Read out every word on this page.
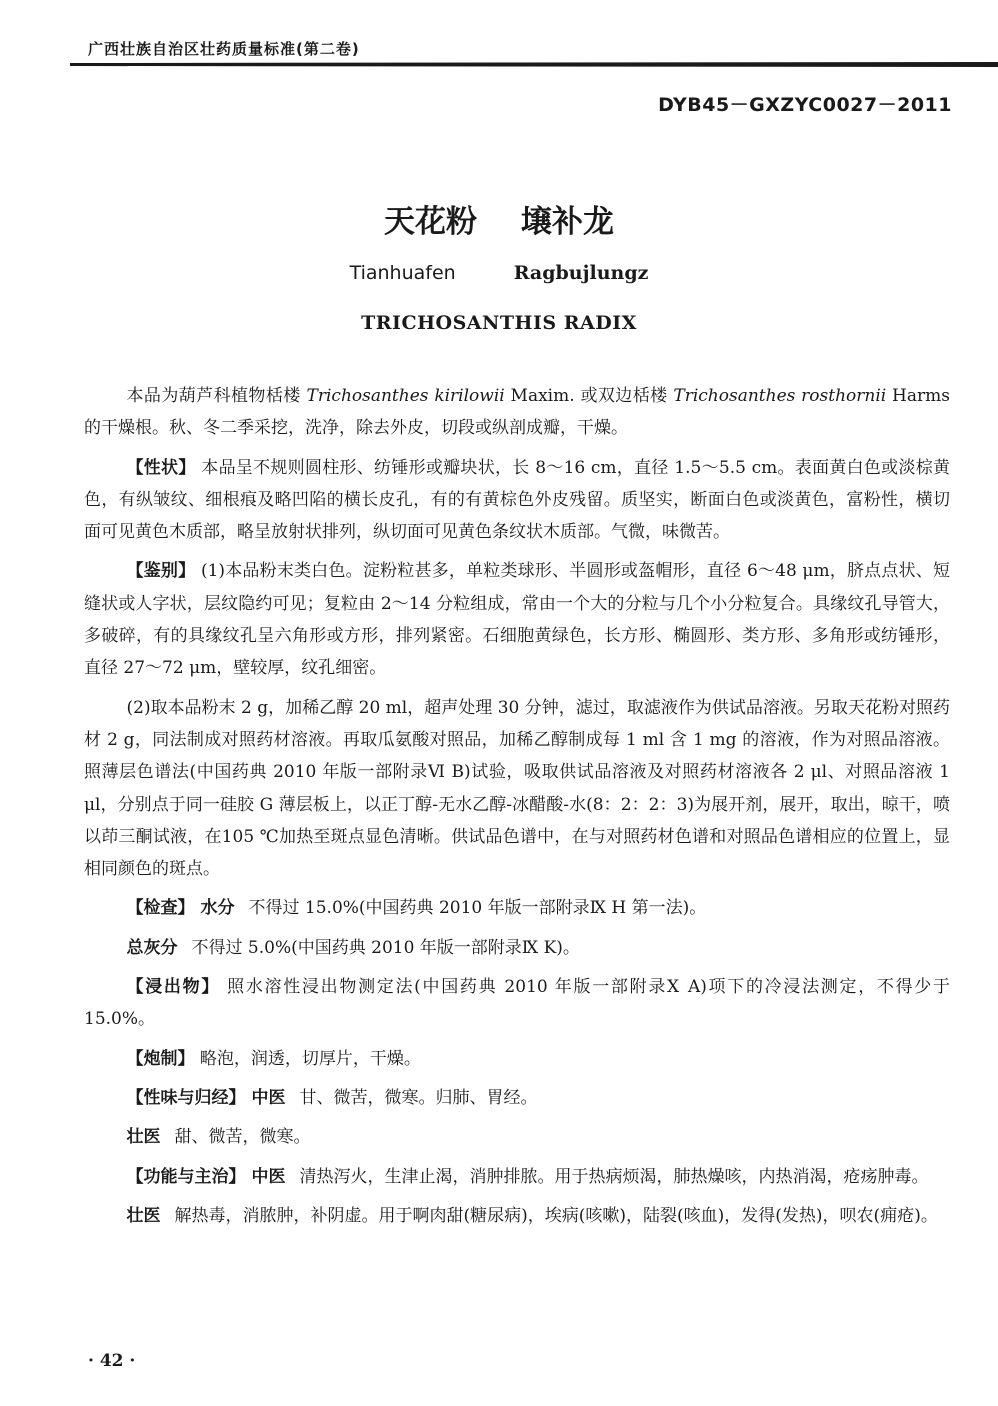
广西壮族自治区壮药质量标准(第二卷)
DYB45－GXZYC0027－2011
天花粉 壌补龙
Tianhuafen	Ragbujlungz
TRICHOSANTHIS RADIX

本品为葫芦科植物栝楼 Trichosanthes kirilowii Maxim. 或双边栝楼 Trichosanthes rosthornii Harms 的干燥根。秋、冬二季采挖，洗净，除去外皮，切段或纵剖成瓣，干燥。

【性状】 本品呈不规则圆柱形、纺锤形或瓣块状，长 8～16 cm，直径 1.5～5.5 cm。表面黄白色或淡棕黄色，有纵皱纹、细根痕及略凹陷的横长皮孔，有的有黄棕色外皮残留。质坚实，断面白色或淡黄色，富粉性，横切面可见黄色木质部，略呈放射状排列，纵切面可见黄色条纹状木质部。气微，味微苦。

【鉴别】 (1)本品粉末类白色。淀粉粒甚多，单粒类球形、半圆形或盔帽形，直径 6～48 μm，脐点点状、短缝状或人字状，层纹隐约可见；复粒由 2～14 分粒组成，常由一个大的分粒与几个小分粒复合。具缘纹孔导管大，多破碎，有的具缘纹孔呈六角形或方形，排列紧密。石细胞黄绿色，长方形、椭圆形、类方形、多角形或纺锤形，直径 27～72 μm，壁较厚，纹孔细密。

(2)取本品粉末 2 g，加稀乙醇 20 ml，超声处理 30 分钟，滤过，取滤液作为供试品溶液。另取天花粉对照药材 2 g，同法制成对照药材溶液。再取瓜氨酸对照品，加稀乙醇制成每 1 ml 含 1 mg 的溶液，作为对照品溶液。照薄层色谱法(中国药典 2010 年版一部附录Ⅵ B)试验，吸取供试品溶液及对照药材溶液各 2 μl、对照品溶液 1 μl，分别点于同一硅胶 G 薄层板上，以正丁醇-无水乙醇-冰醋酸-水(8：2：2：3)为展开剂，展开，取出，晾干，喷以茚三酮试液，在105 ℃加热至斑点显色清晰。供试品色谱中，在与对照药材色谱和对照品色谱相应的位置上，显相同颜色的斑点。

【检查】 水分 不得过 15.0%(中国药典 2010 年版一部附录Ⅸ H 第一法)。

总灰分 不得过 5.0%(中国药典 2010 年版一部附录Ⅸ K)。

【浸出物】 照水溶性浸出物测定法(中国药典 2010 年版一部附录Ⅹ A)项下的冷浸法测定，不得少于 15.0%。

【炮制】 略泡，润透，切厚片，干燥。

【性味与归经】 中医 甘、微苦，微寒。归肺、胃经。

壮医 甜、微苦，微寒。

【功能与主治】 中医 清热泻火，生津止渴，消肿排脓。用于热病烦渴，肺热燥咳，内热消渴，疮疡肿毒。

壮医 解热毒，消脓肿，补阴虚。用于啊肉甜(糖尿病)，埃病(咳嗽)，陆裂(咳血)，发得(发热)，呗农(痈疮)。

· 42 ·
